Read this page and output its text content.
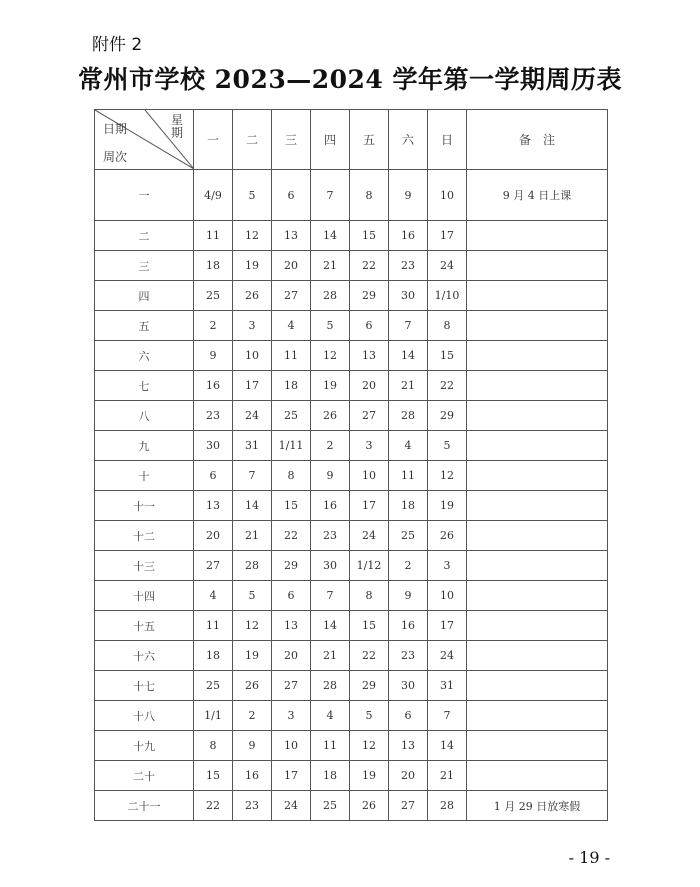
附件 2
常州市学校 2023—2024 学年第一学期周历表
日期
星
期
周次	一	二	三	四	五	六	日	备　注
一	4/9	5	6	7	8	9	10	9 月 4 日上课
二	11	12	13	14	15	16	17	
三	18	19	20	21	22	23	24	
四	25	26	27	28	29	30	1/10	
五	2	3	4	5	6	7	8	
六	9	10	11	12	13	14	15	
七	16	17	18	19	20	21	22	
八	23	24	25	26	27	28	29	
九	30	31	1/11	2	3	4	5	
十	6	7	8	9	10	11	12	
十一	13	14	15	16	17	18	19	
十二	20	21	22	23	24	25	26	
十三	27	28	29	30	1/12	2	3	
十四	4	5	6	7	8	9	10	
十五	11	12	13	14	15	16	17	
十六	18	19	20	21	22	23	24	
十七	25	26	27	28	29	30	31	
十八	1/1	2	3	4	5	6	7	
十九	8	9	10	11	12	13	14	
二十	15	16	17	18	19	20	21	
二十一	22	23	24	25	26	27	28	1 月 29 日放寒假
- 19 -
